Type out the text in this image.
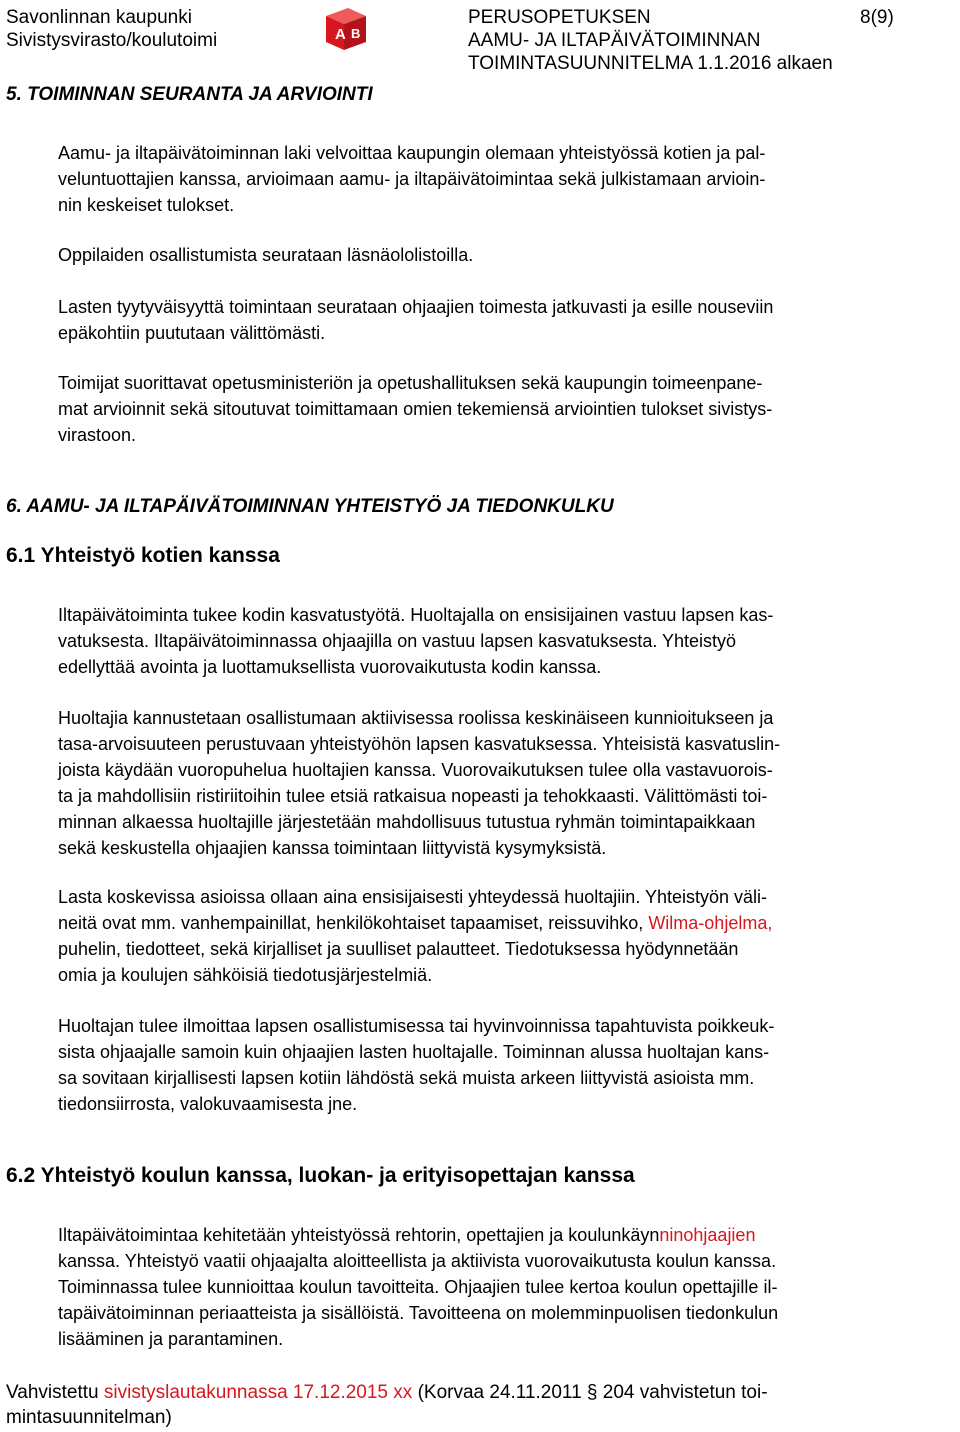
Savonlinnan kaupunki
Sivistysvirasto/koulutoimi	A B
PERUSOPETUKSEN
AAMU- JA ILTAPÄIVÄTOIMINNAN
TOIMINTASUUNNITELMA 1.1.2016 alkaen
8(9)
5. TOIMINNAN SEURANTA JA ARVIOINTI
Aamu- ja iltapäivätoiminnan laki velvoittaa kaupungin olemaan yhteistyössä kotien ja pal-
veluntuottajien kanssa, arvioimaan aamu- ja iltapäivätoimintaa sekä julkistamaan arvioin-
nin keskeiset tulokset.
Oppilaiden osallistumista seurataan läsnäololistoilla.
Lasten tyytyväisyyttä toimintaan seurataan ohjaajien toimesta jatkuvasti ja esille nouseviin
epäkohtiin puututaan välittömästi.
Toimijat suorittavat opetusministeriön ja opetushallituksen sekä kaupungin toimeenpane-
mat arvioinnit sekä sitoutuvat toimittamaan omien tekemiensä arviointien tulokset sivistys-
virastoon.
6. AAMU- JA ILTAPÄIVÄTOIMINNAN YHTEISTYÖ JA TIEDONKULKU
6.1 Yhteistyö kotien kanssa
Iltapäivätoiminta tukee kodin kasvatustyötä. Huoltajalla on ensisijainen vastuu lapsen kas-
vatuksesta. Iltapäivätoiminnassa ohjaajilla on vastuu lapsen kasvatuksesta. Yhteistyö
edellyttää avointa ja luottamuksellista vuorovaikutusta kodin kanssa.
Huoltajia kannustetaan osallistumaan aktiivisessa roolissa keskinäiseen kunnioitukseen ja
tasa-arvoisuuteen perustuvaan yhteistyöhön lapsen kasvatuksessa. Yhteisistä kasvatuslin-
joista käydään vuoropuhelua huoltajien kanssa. Vuorovaikutuksen tulee olla vastavuorois-
ta ja mahdollisiin ristiriitoihin tulee etsiä ratkaisua nopeasti ja tehokkaasti. Välittömästi toi-
minnan alkaessa huoltajille järjestetään mahdollisuus tutustua ryhmän toimintapaikkaan
sekä keskustella ohjaajien kanssa toimintaan liittyvistä kysymyksistä.
Lasta koskevissa asioissa ollaan aina ensisijaisesti yhteydessä huoltajiin. Yhteistyön väli-
neitä ovat mm. vanhempainillat, henkilökohtaiset tapaamiset, reissuvihko, Wilma-ohjelma,
puhelin, tiedotteet, sekä kirjalliset ja suulliset palautteet. Tiedotuksessa hyödynnetään
omia ja koulujen sähköisiä tiedotusjärjestelmiä.
Huoltajan tulee ilmoittaa lapsen osallistumisessa tai hyvinvoinnissa tapahtuvista poikkeuk-
sista ohjaajalle samoin kuin ohjaajien lasten huoltajalle. Toiminnan alussa huoltajan kans-
sa sovitaan kirjallisesti lapsen kotiin lähdöstä sekä muista arkeen liittyvistä asioista mm.
tiedonsiirrosta, valokuvaamisesta jne.
6.2 Yhteistyö koulun kanssa, luokan- ja erityisopettajan kanssa
Iltapäivätoimintaa kehitetään yhteistyössä rehtorin, opettajien ja koulunkäynninohjaajien
kanssa. Yhteistyö vaatii ohjaajalta aloitteellista ja aktiivista vuorovaikutusta koulun kanssa.
Toiminnassa tulee kunnioittaa koulun tavoitteita. Ohjaajien tulee kertoa koulun opettajille il-
tapäivätoiminnan periaatteista ja sisällöistä. Tavoitteena on molemminpuolisen tiedonkulun
lisääminen ja parantaminen.
Vahvistettu sivistyslautakunnassa 17.12.2015 xx (Korvaa 24.11.2011 § 204 vahvistetun toi-
mintasuunnitelman)
